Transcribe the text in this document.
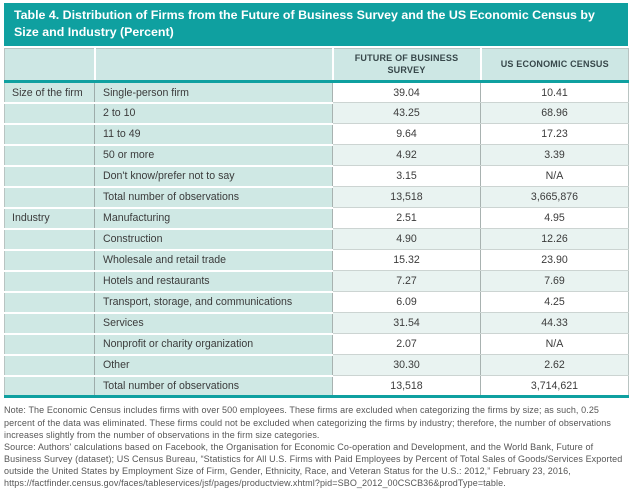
Table 4. Distribution of Firms from the Future of Business Survey and the US Economic Census by Size and Industry (Percent)
		FUTURE OF BUSINESS SURVEY	US ECONOMIC CENSUS
Size of the firm	Single-person firm	39.04	10.41
	2 to 10	43.25	68.96
	11 to 49	9.64	17.23
	50 or more	4.92	3.39
	Don't know/prefer not to say	3.15	N/A
	Total number of observations	13,518	3,665,876
Industry	Manufacturing	2.51	4.95
	Construction	4.90	12.26
	Wholesale and retail trade	15.32	23.90
	Hotels and restaurants	7.27	7.69
	Transport, storage, and communications	6.09	4.25
	Services	31.54	44.33
	Nonprofit or charity organization	2.07	N/A
	Other	30.30	2.62
	Total number of observations	13,518	3,714,621
Note: The Economic Census includes firms with over 500 employees. These firms are excluded when categorizing the firms by size; as such, 0.25 percent of the data was eliminated. These firms could not be excluded when categorizing the firms by industry; therefore, the number of observations increases slightly from the number of observations in the firm size categories.
Source: Authors' calculations based on Facebook, the Organisation for Economic Co-operation and Development, and the World Bank, Future of Business Survey (dataset); US Census Bureau, “Statistics for All U.S. Firms with Paid Employees by Percent of Total Sales of Goods/Services Exported outside the United States by Employment Size of Firm, Gender, Ethnicity, Race, and Veteran Status for the U.S.: 2012,” February 23, 2016, https://factfinder.census.gov/faces/tableservices/jsf/pages/productview.xhtml?pid=SBO_2012_00CSCB36&prodType=table.
